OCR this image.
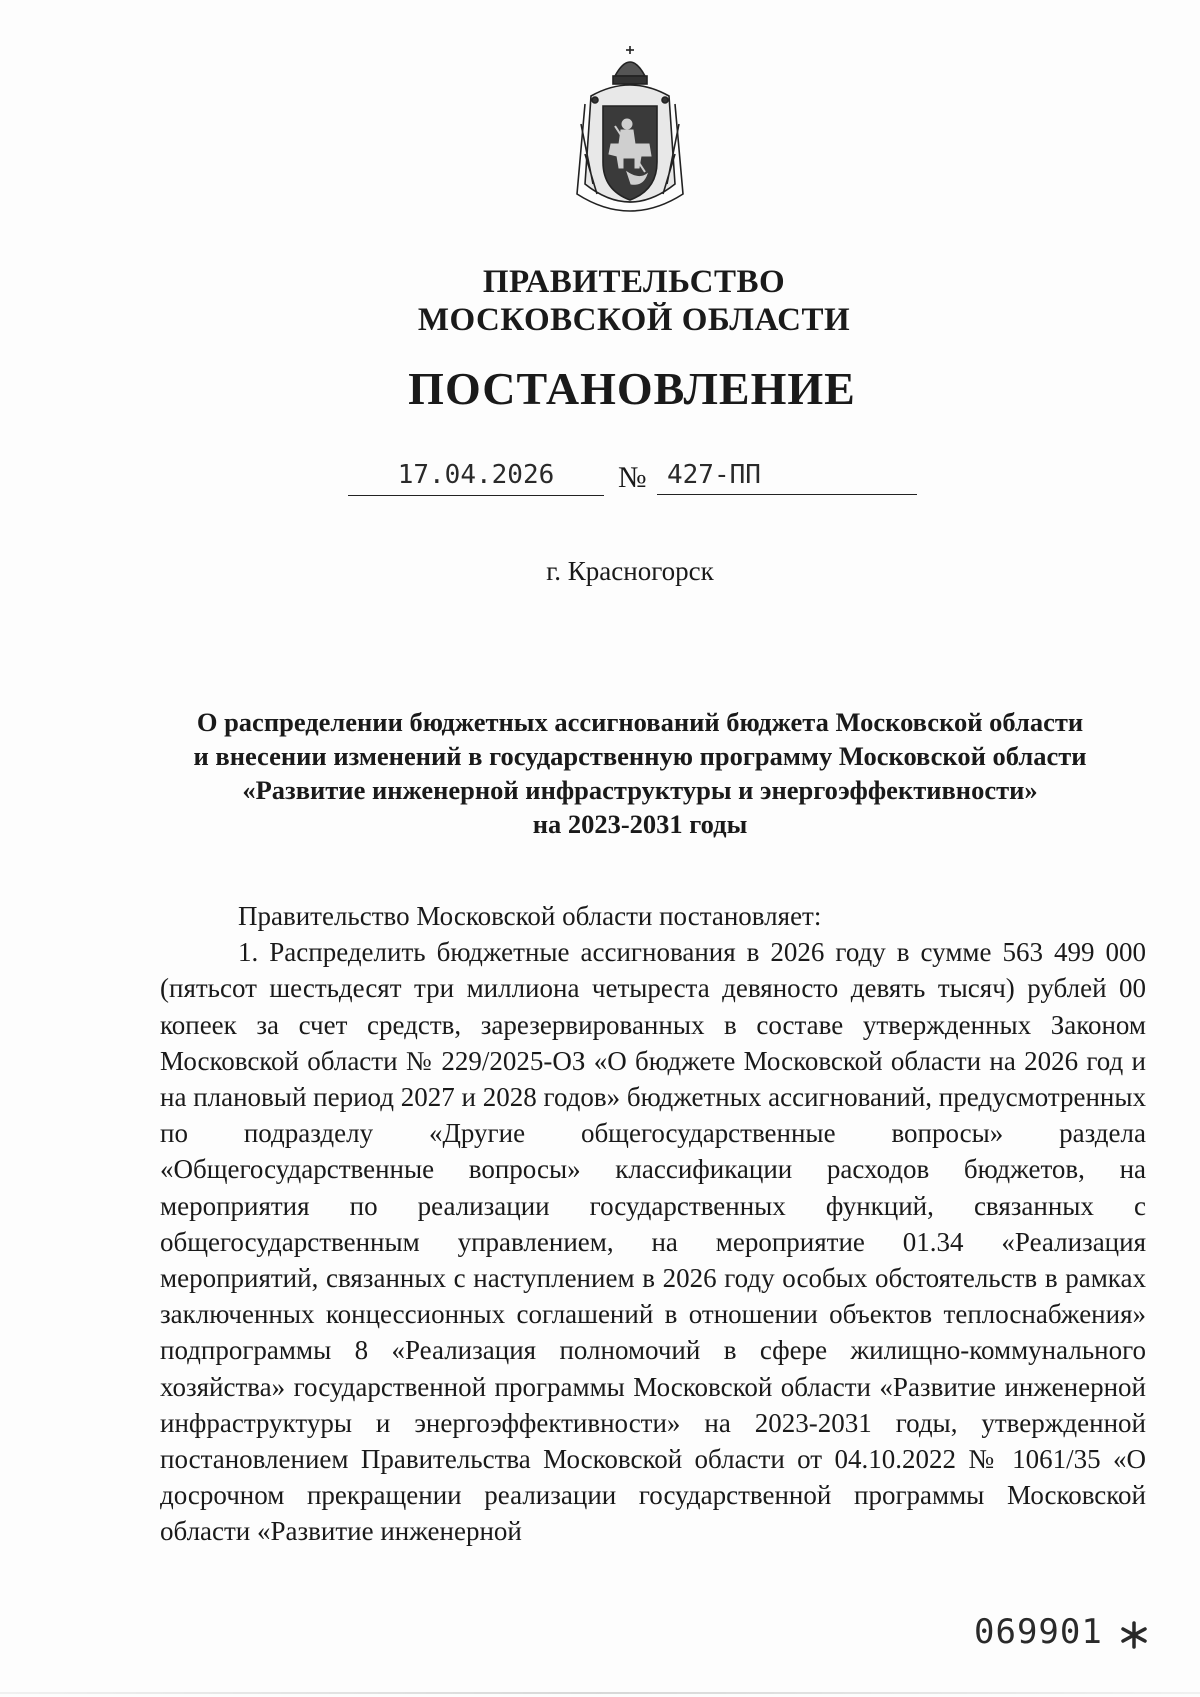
ПРАВИТЕЛЬСТВО
МОСКОВСКОЙ ОБЛАСТИ
ПОСТАНОВЛЕНИЕ
17.04.2026	№ 427-ПП
г. Красногорск
О распределении бюджетных ассигнований бюджета Московской области
и внесении изменений в государственную программу Московской области
«Развитие инженерной инфраструктуры и энергоэффективности»
на 2023-2031 годы

Правительство Московской области постановляет:

1. Распределить бюджетные ассигнования в 2026 году в сумме 563 499 000 (пятьсот шестьдесят три миллиона четыреста девяносто девять тысяч) рублей 00 копеек за счет средств, зарезервированных в составе утвержденных Законом Московской области № 229/2025-ОЗ «О бюджете Московской области на 2026 год и на плановый период 2027 и 2028 годов» бюджетных ассигнований, предусмотренных по подразделу «Другие общегосударственные вопросы» раздела «Общегосударственные вопросы» классификации расходов бюджетов, на мероприятия по реализации государственных функций, связанных с общегосударственным управлением, на мероприятие 01.34 «Реализация мероприятий, связанных с наступлением в 2026 году особых обстоятельств в рамках заключенных концессионных соглашений в отношении объектов теплоснабжения» подпрограммы 8 «Реализация полномочий в сфере жилищно-коммунального хозяйства» государственной программы Московской области «Развитие инженерной инфраструктуры и энергоэффективности» на 2023-2031 годы, утвержденной постановлением Правительства Московской области от 04.10.2022 № 1061/35 «О досрочном прекращении реализации государственной программы Московской области «Развитие инженерной

069901
